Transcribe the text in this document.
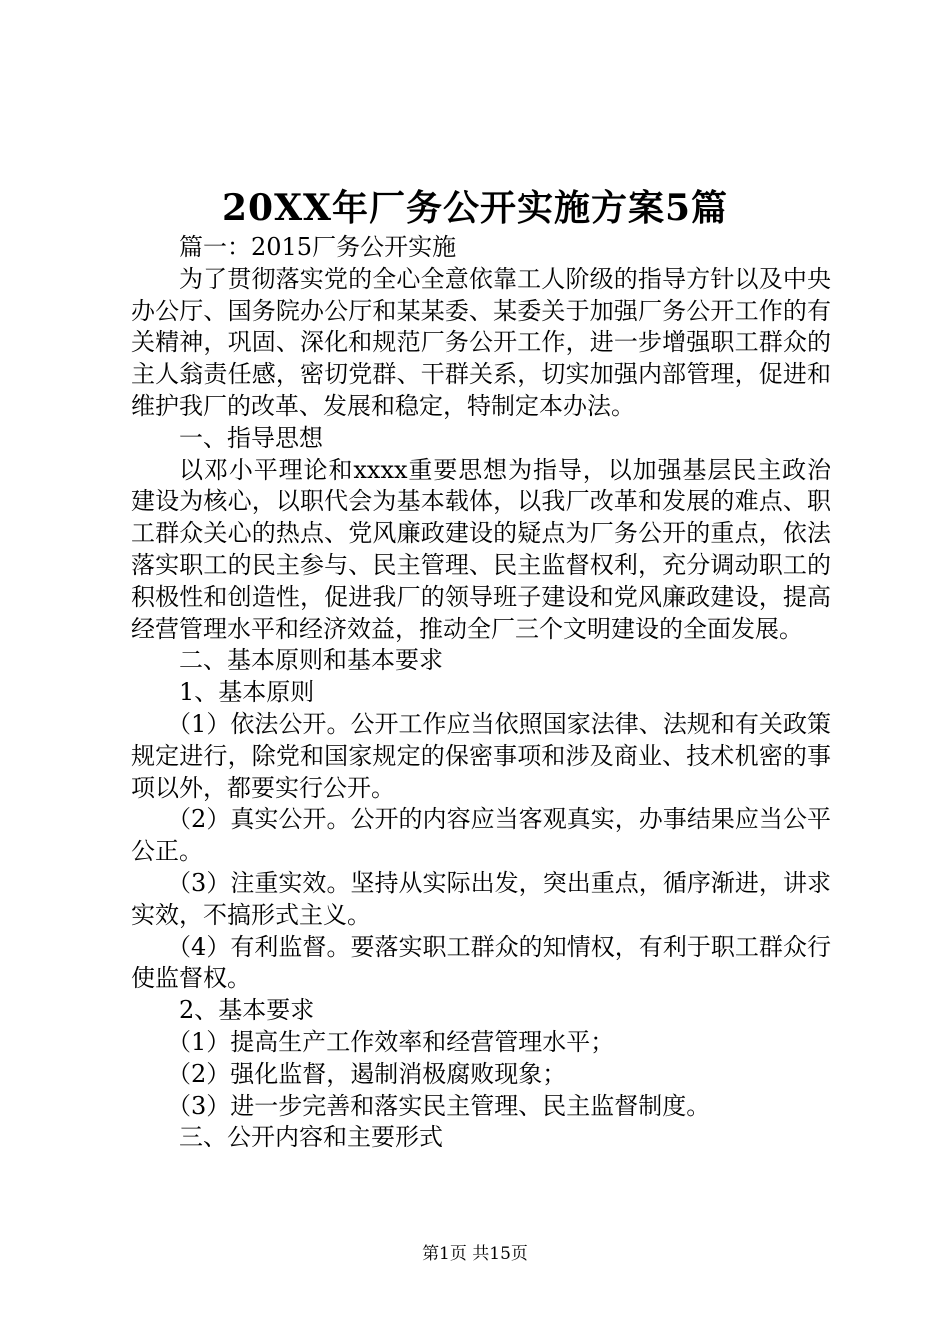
20XX年厂务公开实施方案5篇

篇一：2015厂务公开实施

为了贯彻落实党的全心全意依靠工人阶级的指导方针以及中央办公厅、国务院办公厅和某某委、某委关于加强厂务公开工作的有关精神，巩固、深化和规范厂务公开工作，进一步增强职工群众的主人翁责任感，密切党群、干群关系，切实加强内部管理，促进和维护我厂的改革、发展和稳定，特制定本办法。

一、指导思想

以邓小平理论和xxxx重要思想为指导，以加强基层民主政治建设为核心，以职代会为基本载体，以我厂改革和发展的难点、职工群众关心的热点、党风廉政建设的疑点为厂务公开的重点，依法落实职工的民主参与、民主管理、民主监督权利，充分调动职工的积极性和创造性，促进我厂的领导班子建设和党风廉政建设，提高经营管理水平和经济效益，推动全厂三个文明建设的全面发展。

二、基本原则和基本要求

1、基本原则

（1）依法公开。公开工作应当依照国家法律、法规和有关政策规定进行，除党和国家规定的保密事项和涉及商业、技术机密的事项以外，都要实行公开。

（2）真实公开。公开的内容应当客观真实，办事结果应当公平公正。

（3）注重实效。坚持从实际出发，突出重点，循序渐进，讲求实效，不搞形式主义。

（4）有利监督。要落实职工群众的知情权，有利于职工群众行使监督权。

2、基本要求

（1）提高生产工作效率和经营管理水平；

（2）强化监督，遏制消极腐败现象；

（3）进一步完善和落实民主管理、民主监督制度。

三、公开内容和主要形式

第1页 共15页
